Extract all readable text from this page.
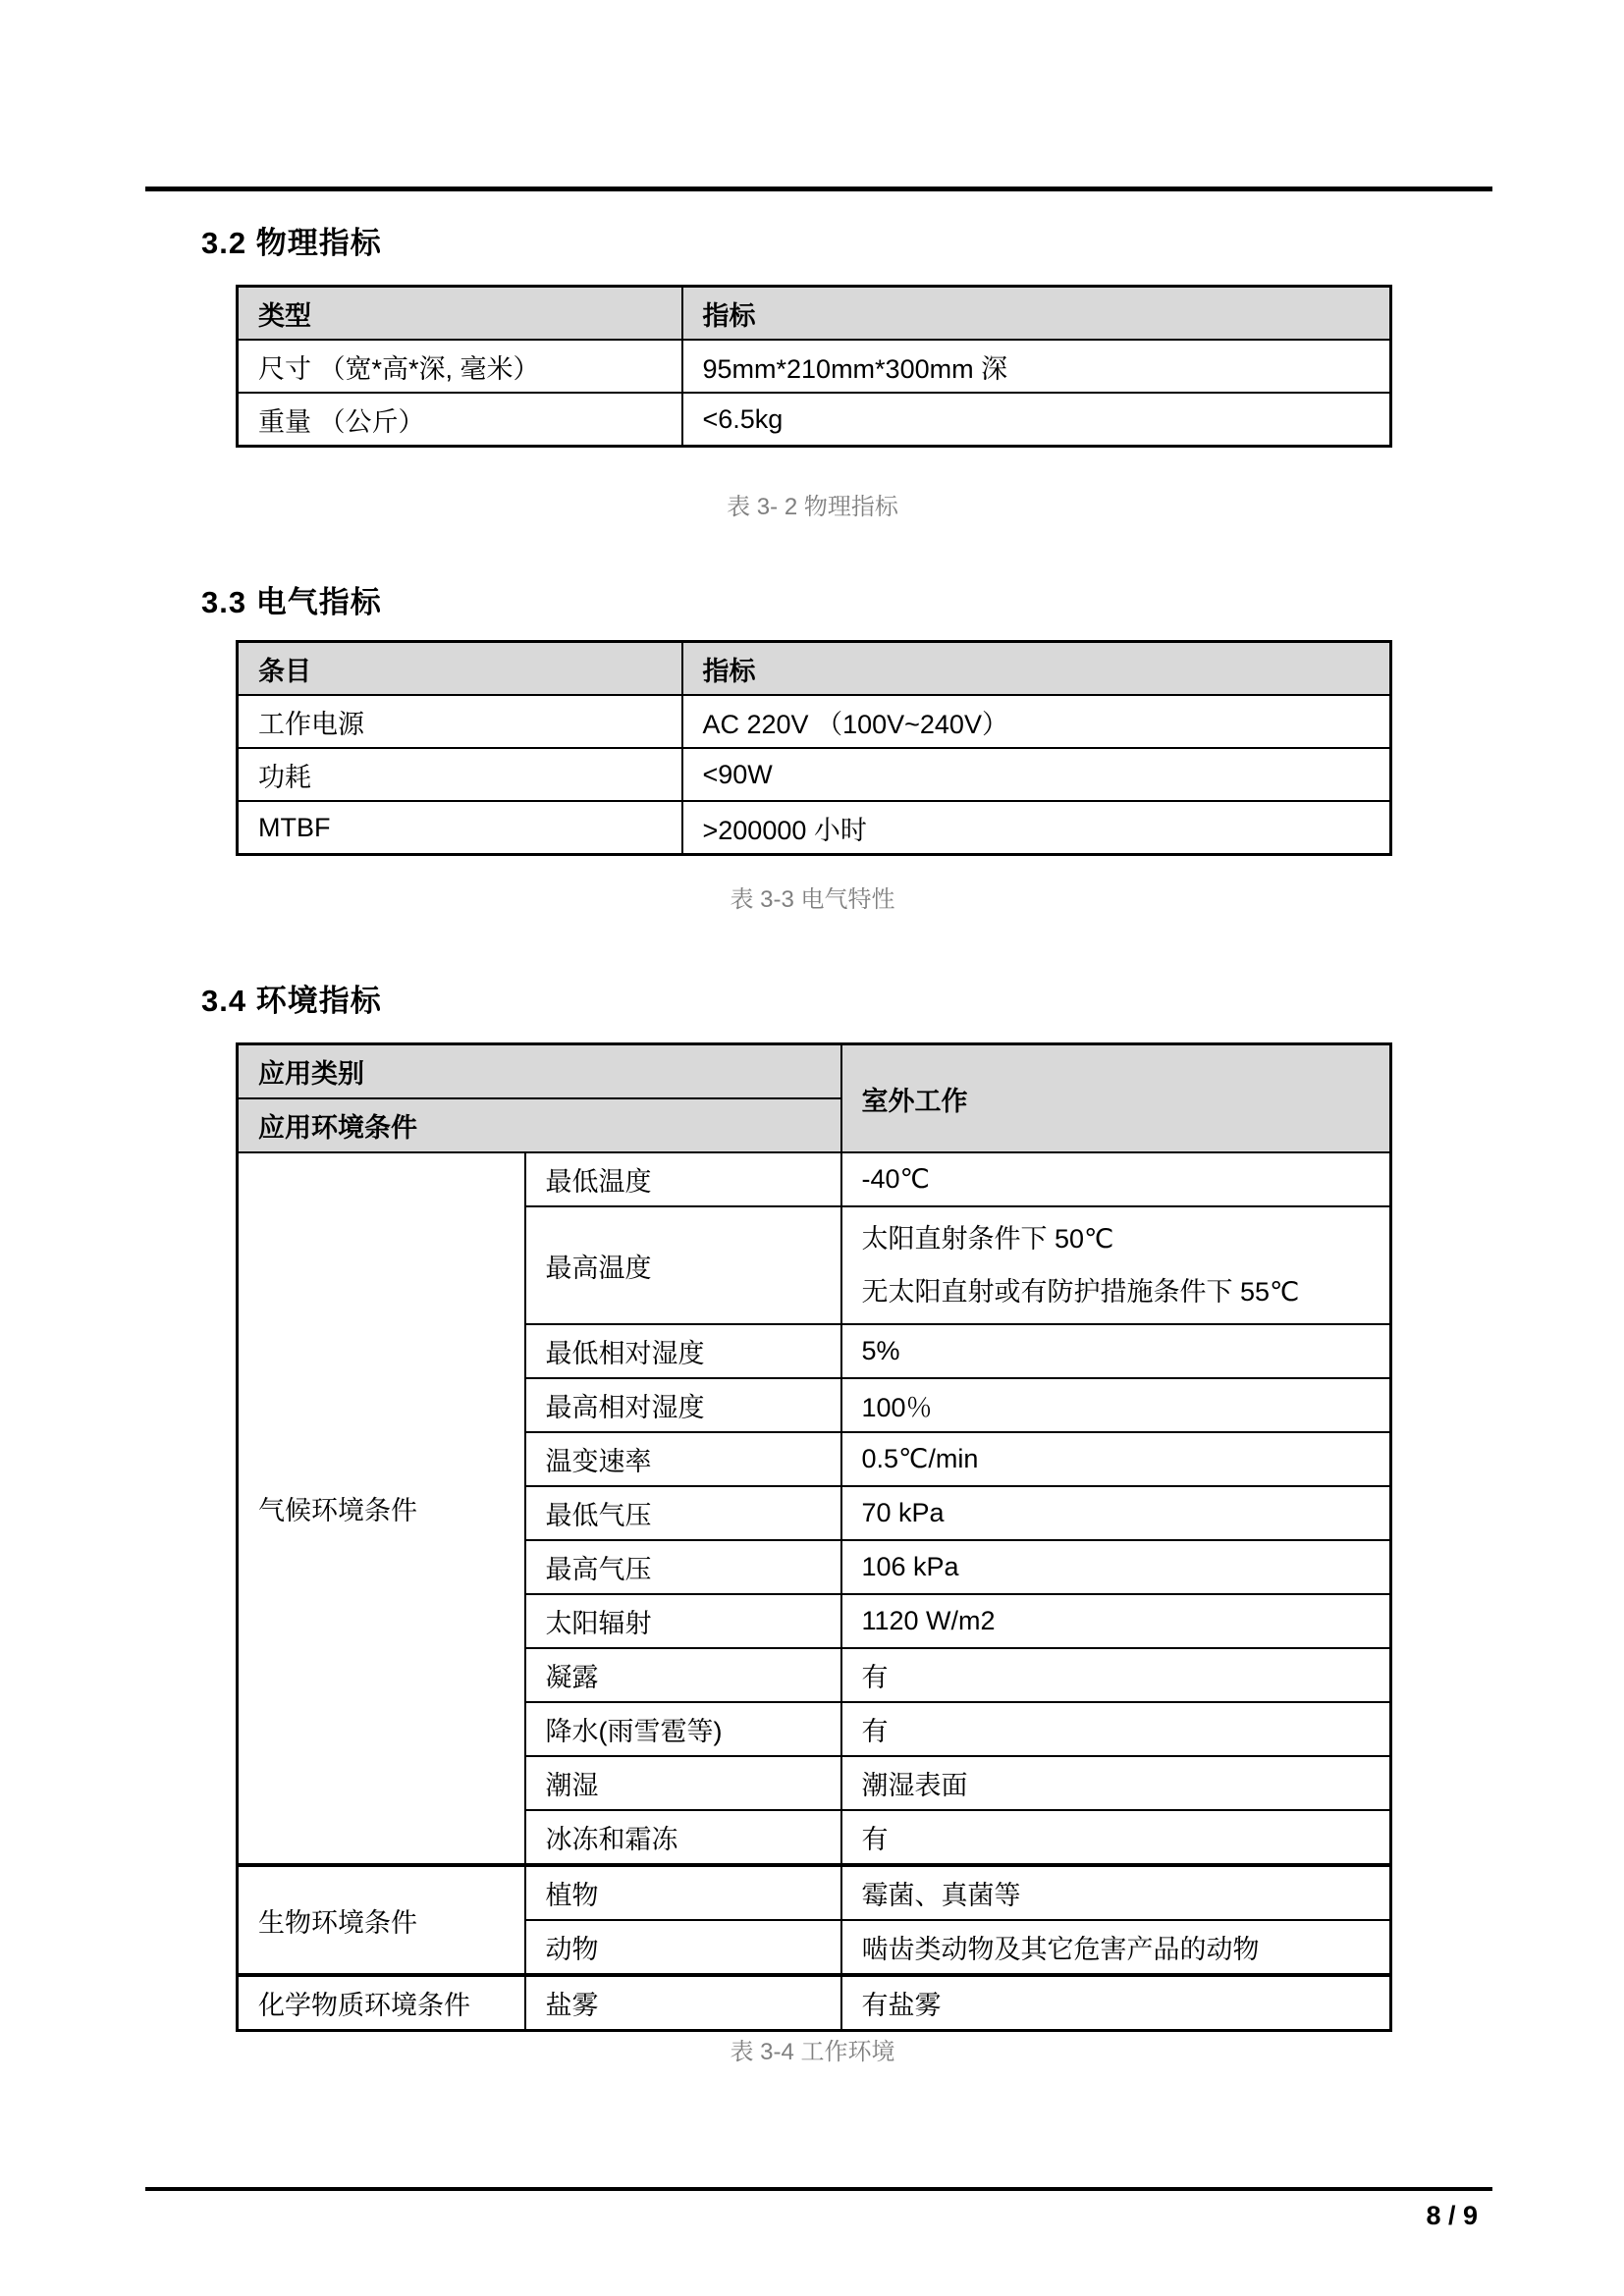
3.2 物理指标
类型	指标
尺寸 （宽*高*深, 毫米）	95mm*210mm*300mm 深
重量 （公斤）	<6.5kg
表 3- 2 物理指标
3.3 电气指标
条目	指标
工作电源	AC 220V （100V~240V）
功耗	<90W
MTBF	>200000 小时
表 3-3 电气特性
3.4 环境指标
应用类别		室外工作
应用环境条件		
气候环境条件	最低温度	-40℃
	最高温度	太阳直射条件下 50℃
无太阳直射或有防护措施条件下 55℃

	最低相对湿度	5%
	最高相对湿度	100％
	温变速率	0.5℃/min
	最低气压	70 kPa
	最高气压	106 kPa
	太阳辐射	1120 W/m2
	凝露	有
	降水(雨雪雹等)	有
	潮湿	潮湿表面
	冰冻和霜冻	有
生物环境条件	植物	霉菌、真菌等
	动物	啮齿类动物及其它危害产品的动物
化学物质环境条件	盐雾	有盐雾
表 3-4 工作环境
8 / 9
